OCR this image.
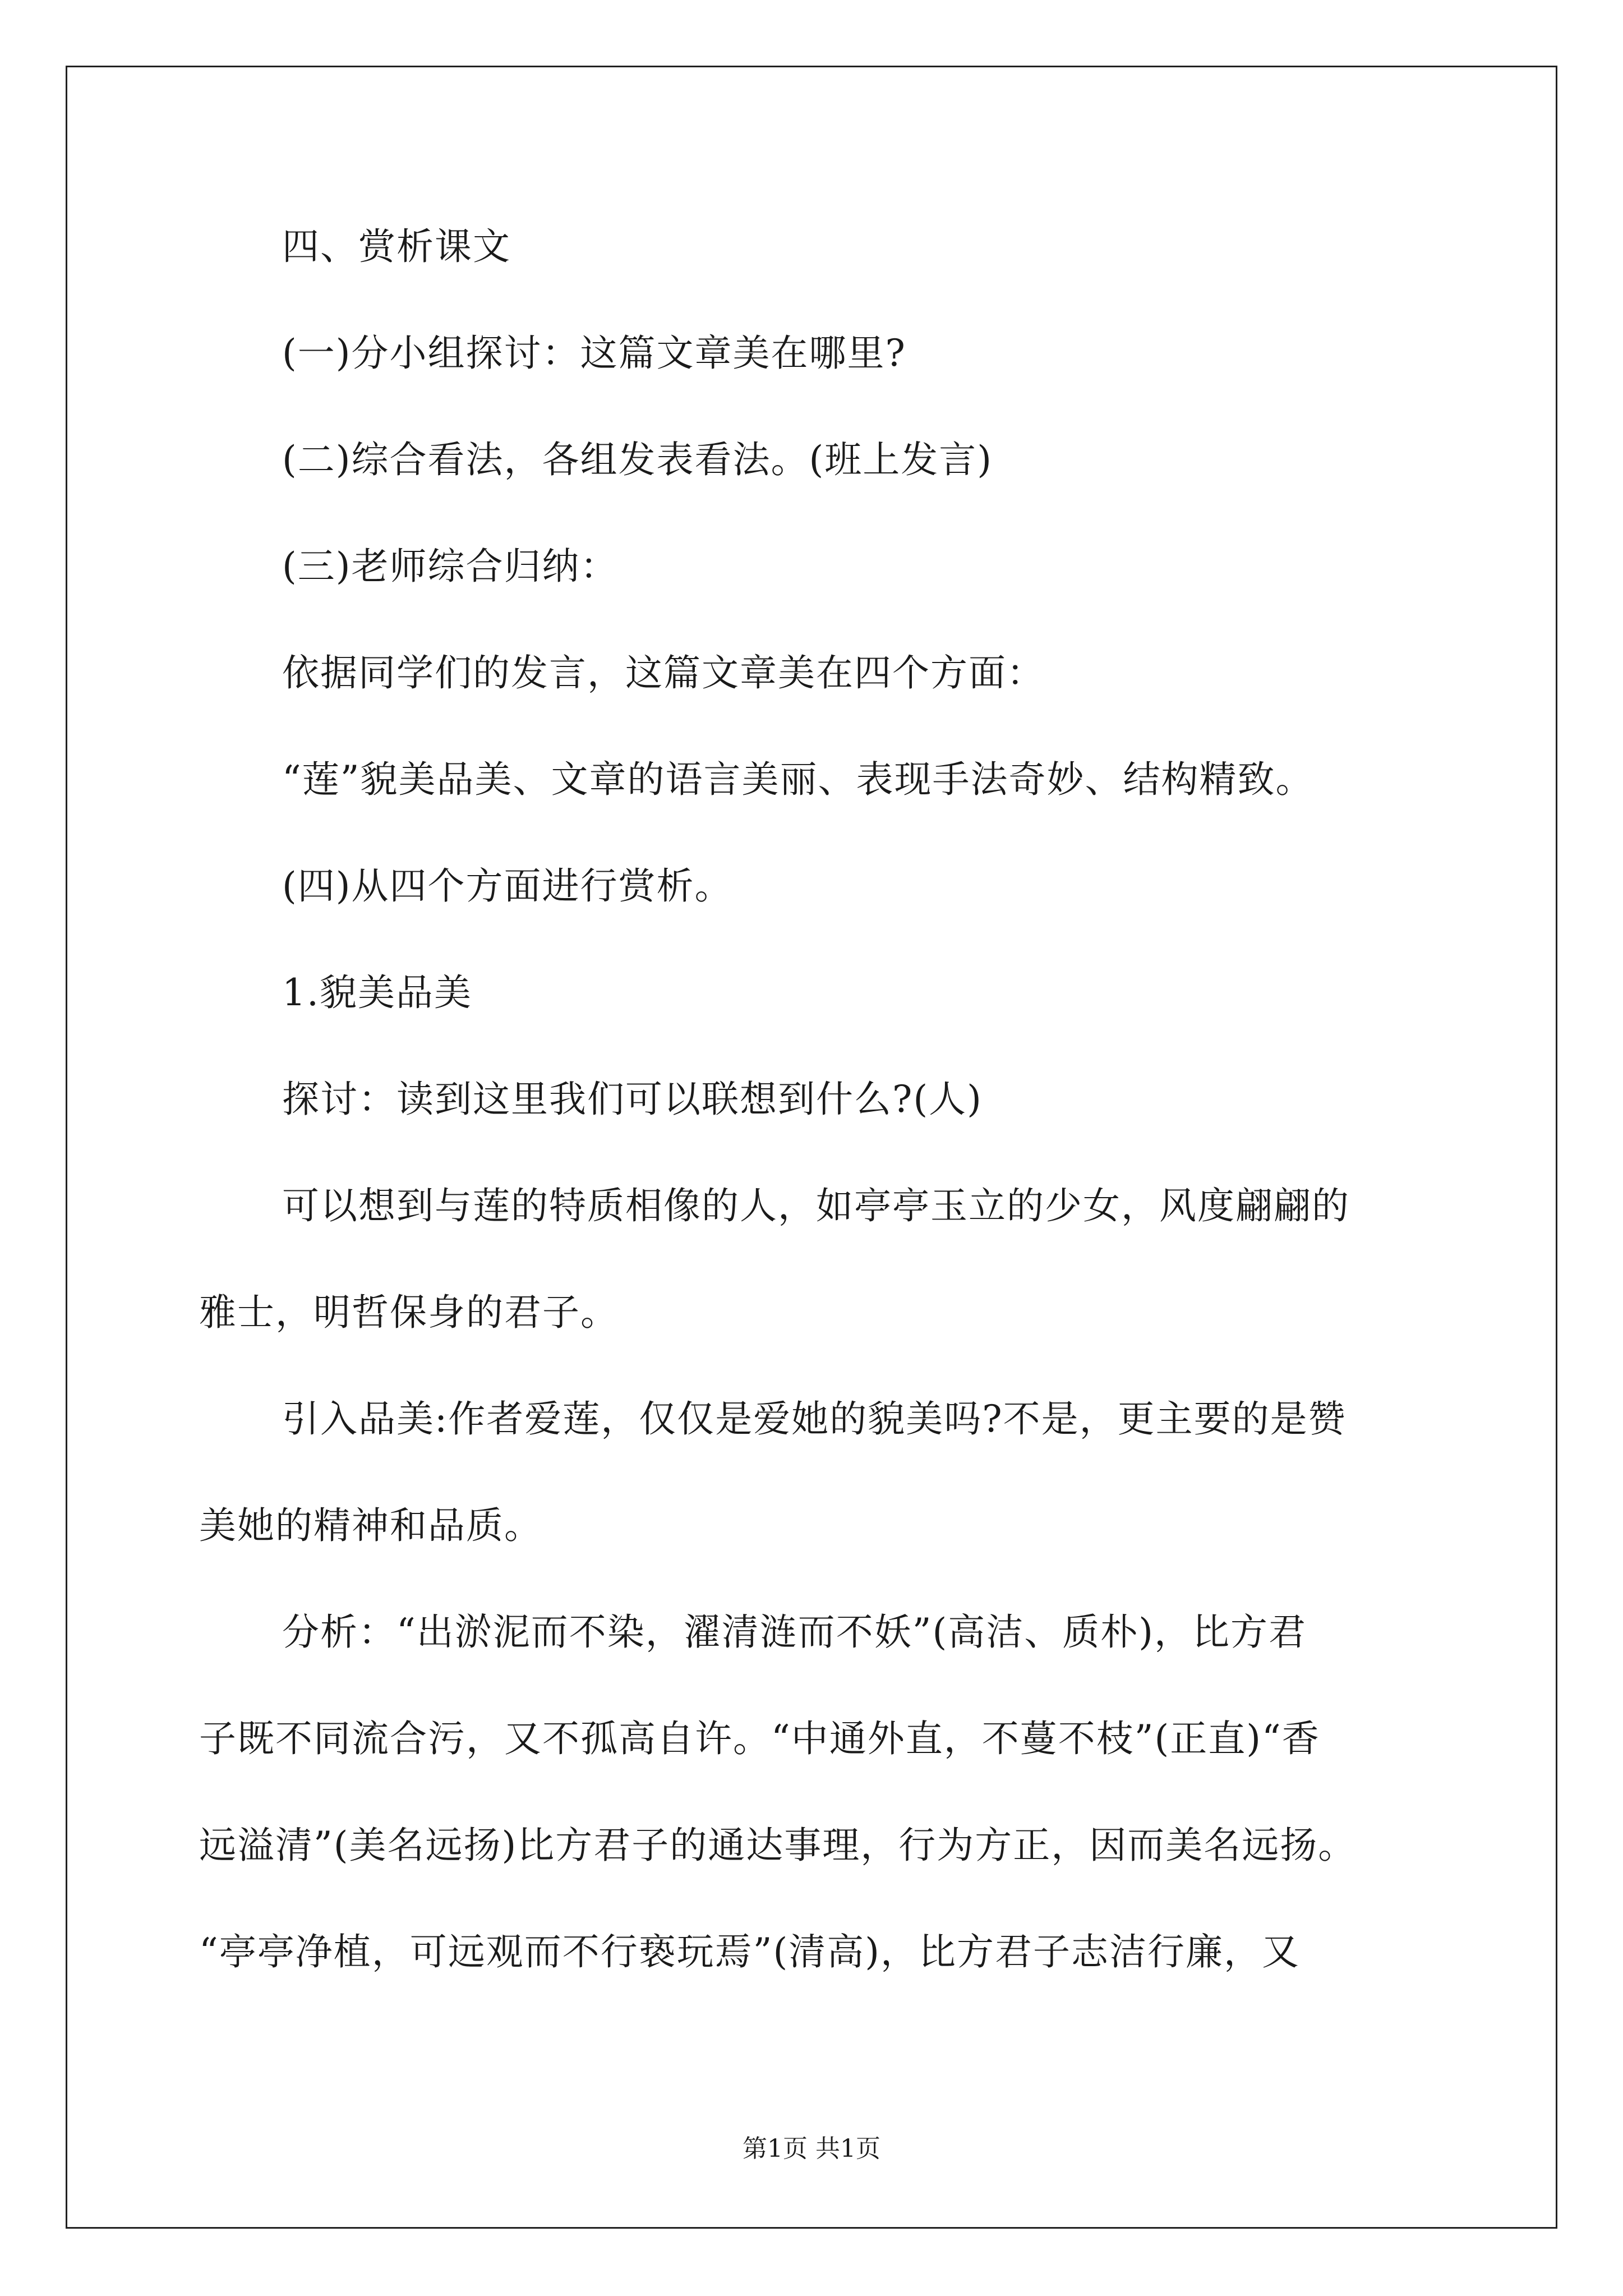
四、赏析课文
(一)分小组探讨：这篇文章美在哪里?
(二)综合看法，各组发表看法。(班上发言)
(三)老师综合归纳：
依据同学们的发言，这篇文章美在四个方面：
“莲”貌美品美、文章的语言美丽、表现手法奇妙、结构精致。
(四)从四个方面进行赏析。
1.貌美品美
探讨：读到这里我们可以联想到什么?(人)
可以想到与莲的特质相像的人，如亭亭玉立的少女，风度翩翩的
雅士，明哲保身的君子。
引入品美:作者爱莲，仅仅是爱她的貌美吗?不是，更主要的是赞
美她的精神和品质。
分析：“出淤泥而不染，濯清涟而不妖”(高洁、质朴)，比方君
子既不同流合污，又不孤高自许。“中通外直，不蔓不枝”(正直)“香
远溢清”(美名远扬)比方君子的通达事理，行为方正，因而美名远扬。
“亭亭净植，可远观而不行亵玩焉”(清高)，比方君子志洁行廉，又
第1页 共1页
